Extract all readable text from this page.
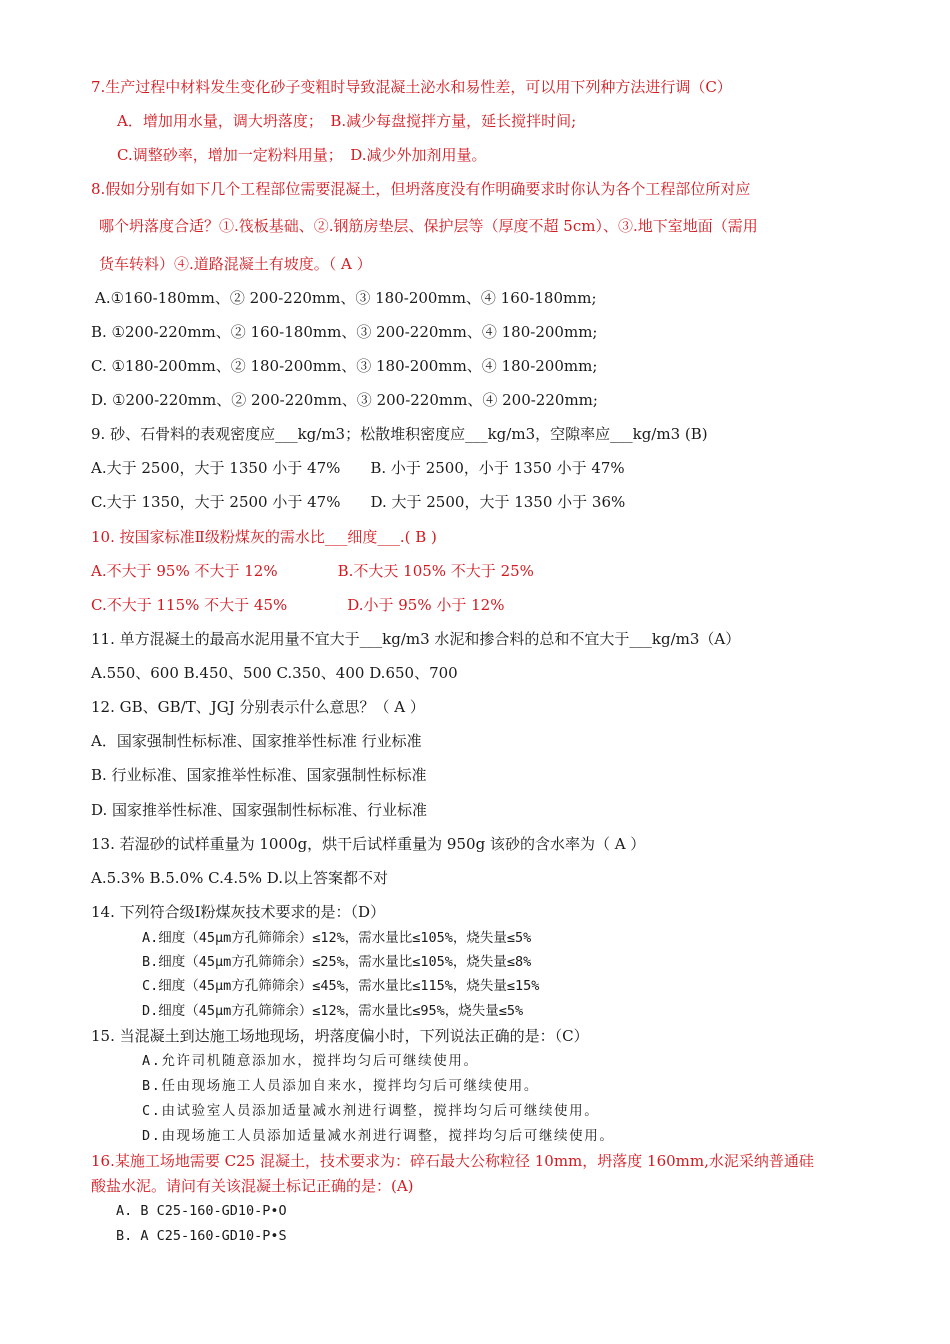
7.生产过程中材料发生变化砂子变粗时导致混凝土泌水和易性差，可以用下列种方法进行调（C）
A．增加用水量，调大坍落度；　B.减少每盘搅拌方量，延长搅拌时间;
C.调整砂率，增加一定粉料用量；　D.减少外加剂用量。
8.假如分别有如下几个工程部位需要混凝土，但坍落度没有作明确要求时你认为各个工程部位所对应
哪个坍落度合适？①.筏板基础、②.钢筋房垫层、保护层等（厚度不超 5cm）、③.地下室地面（需用
货车转料）④.道路混凝土有坡度。（ A ）
A.①160-180mm、② 200-220mm、③ 180-200mm、④ 160-180mm;
B. ①200-220mm、② 160-180mm、③ 200-220mm、④ 180-200mm;
C. ①180-200mm、② 180-200mm、③ 180-200mm、④ 180-200mm;
D. ①200-220mm、② 200-220mm、③ 200-220mm、④ 200-220mm;
9. 砂、石骨料的表观密度应___kg/m3；松散堆积密度应___kg/m3，空隙率应___kg/m3 (B)
A.大于 2500，大于 1350 小于 47%　　B. 小于 2500，小于 1350 小于 47%
C.大于 1350，大于 2500 小于 47%　　D. 大于 2500，大于 1350 小于 36%
10. 按国家标准Ⅱ级粉煤灰的需水比___细度___.( B )
A.不大于 95% 不大于 12%　　　　B.不大天 105% 不大于 25%
C.不大于 115% 不大于 45%　　　　D.小于 95% 小于 12%
11. 单方混凝土的最高水泥用量不宜大于___kg/m3 水泥和掺合料的总和不宜大于___kg/m3（A）
A.550、600 B.450、500 C.350、400 D.650、700
12. GB、GB/T、JGJ 分别表示什么意思？（ A ）
A．国家强制性标标准、国家推举性标准 行业标准
B. 行业标准、国家推举性标准、国家强制性标标准
D. 国家推举性标准、国家强制性标标准、行业标准
13. 若湿砂的试样重量为 1000g，烘干后试样重量为 950g 该砂的含水率为（ A ）
A.5.3% B.5.0% C.4.5% D.以上答案都不对
14. 下列符合级Ⅰ粉煤灰技术要求的是：（D）
A.细度（45μm方孔筛筛余）≤12%，需水量比≤105%，烧失量≤5%
B.细度（45μm方孔筛筛余）≤25%，需水量比≤105%，烧失量≤8%
C.细度（45μm方孔筛筛余）≤45%，需水量比≤115%，烧失量≤15%
D.细度（45μm方孔筛筛余）≤12%，需水量比≤95%，烧失量≤5%
15. 当混凝土到达施工场地现场，坍落度偏小时，下列说法正确的是：（C）
A.允许司机随意添加水，搅拌均匀后可继续使用。
B.任由现场施工人员添加自来水，搅拌均匀后可继续使用。
C.由试验室人员添加适量减水剂进行调整，搅拌均匀后可继续使用。
D.由现场施工人员添加适量减水剂进行调整，搅拌均匀后可继续使用。
16.某施工场地需要 C25 混凝土，技术要求为：碎石最大公称粒径 10mm，坍落度 160mm,水泥采纳普通硅
酸盐水泥。请问有关该混凝土标记正确的是：(A)
A. B C25-160-GD10-P•O
B. A C25-160-GD10-P•S
